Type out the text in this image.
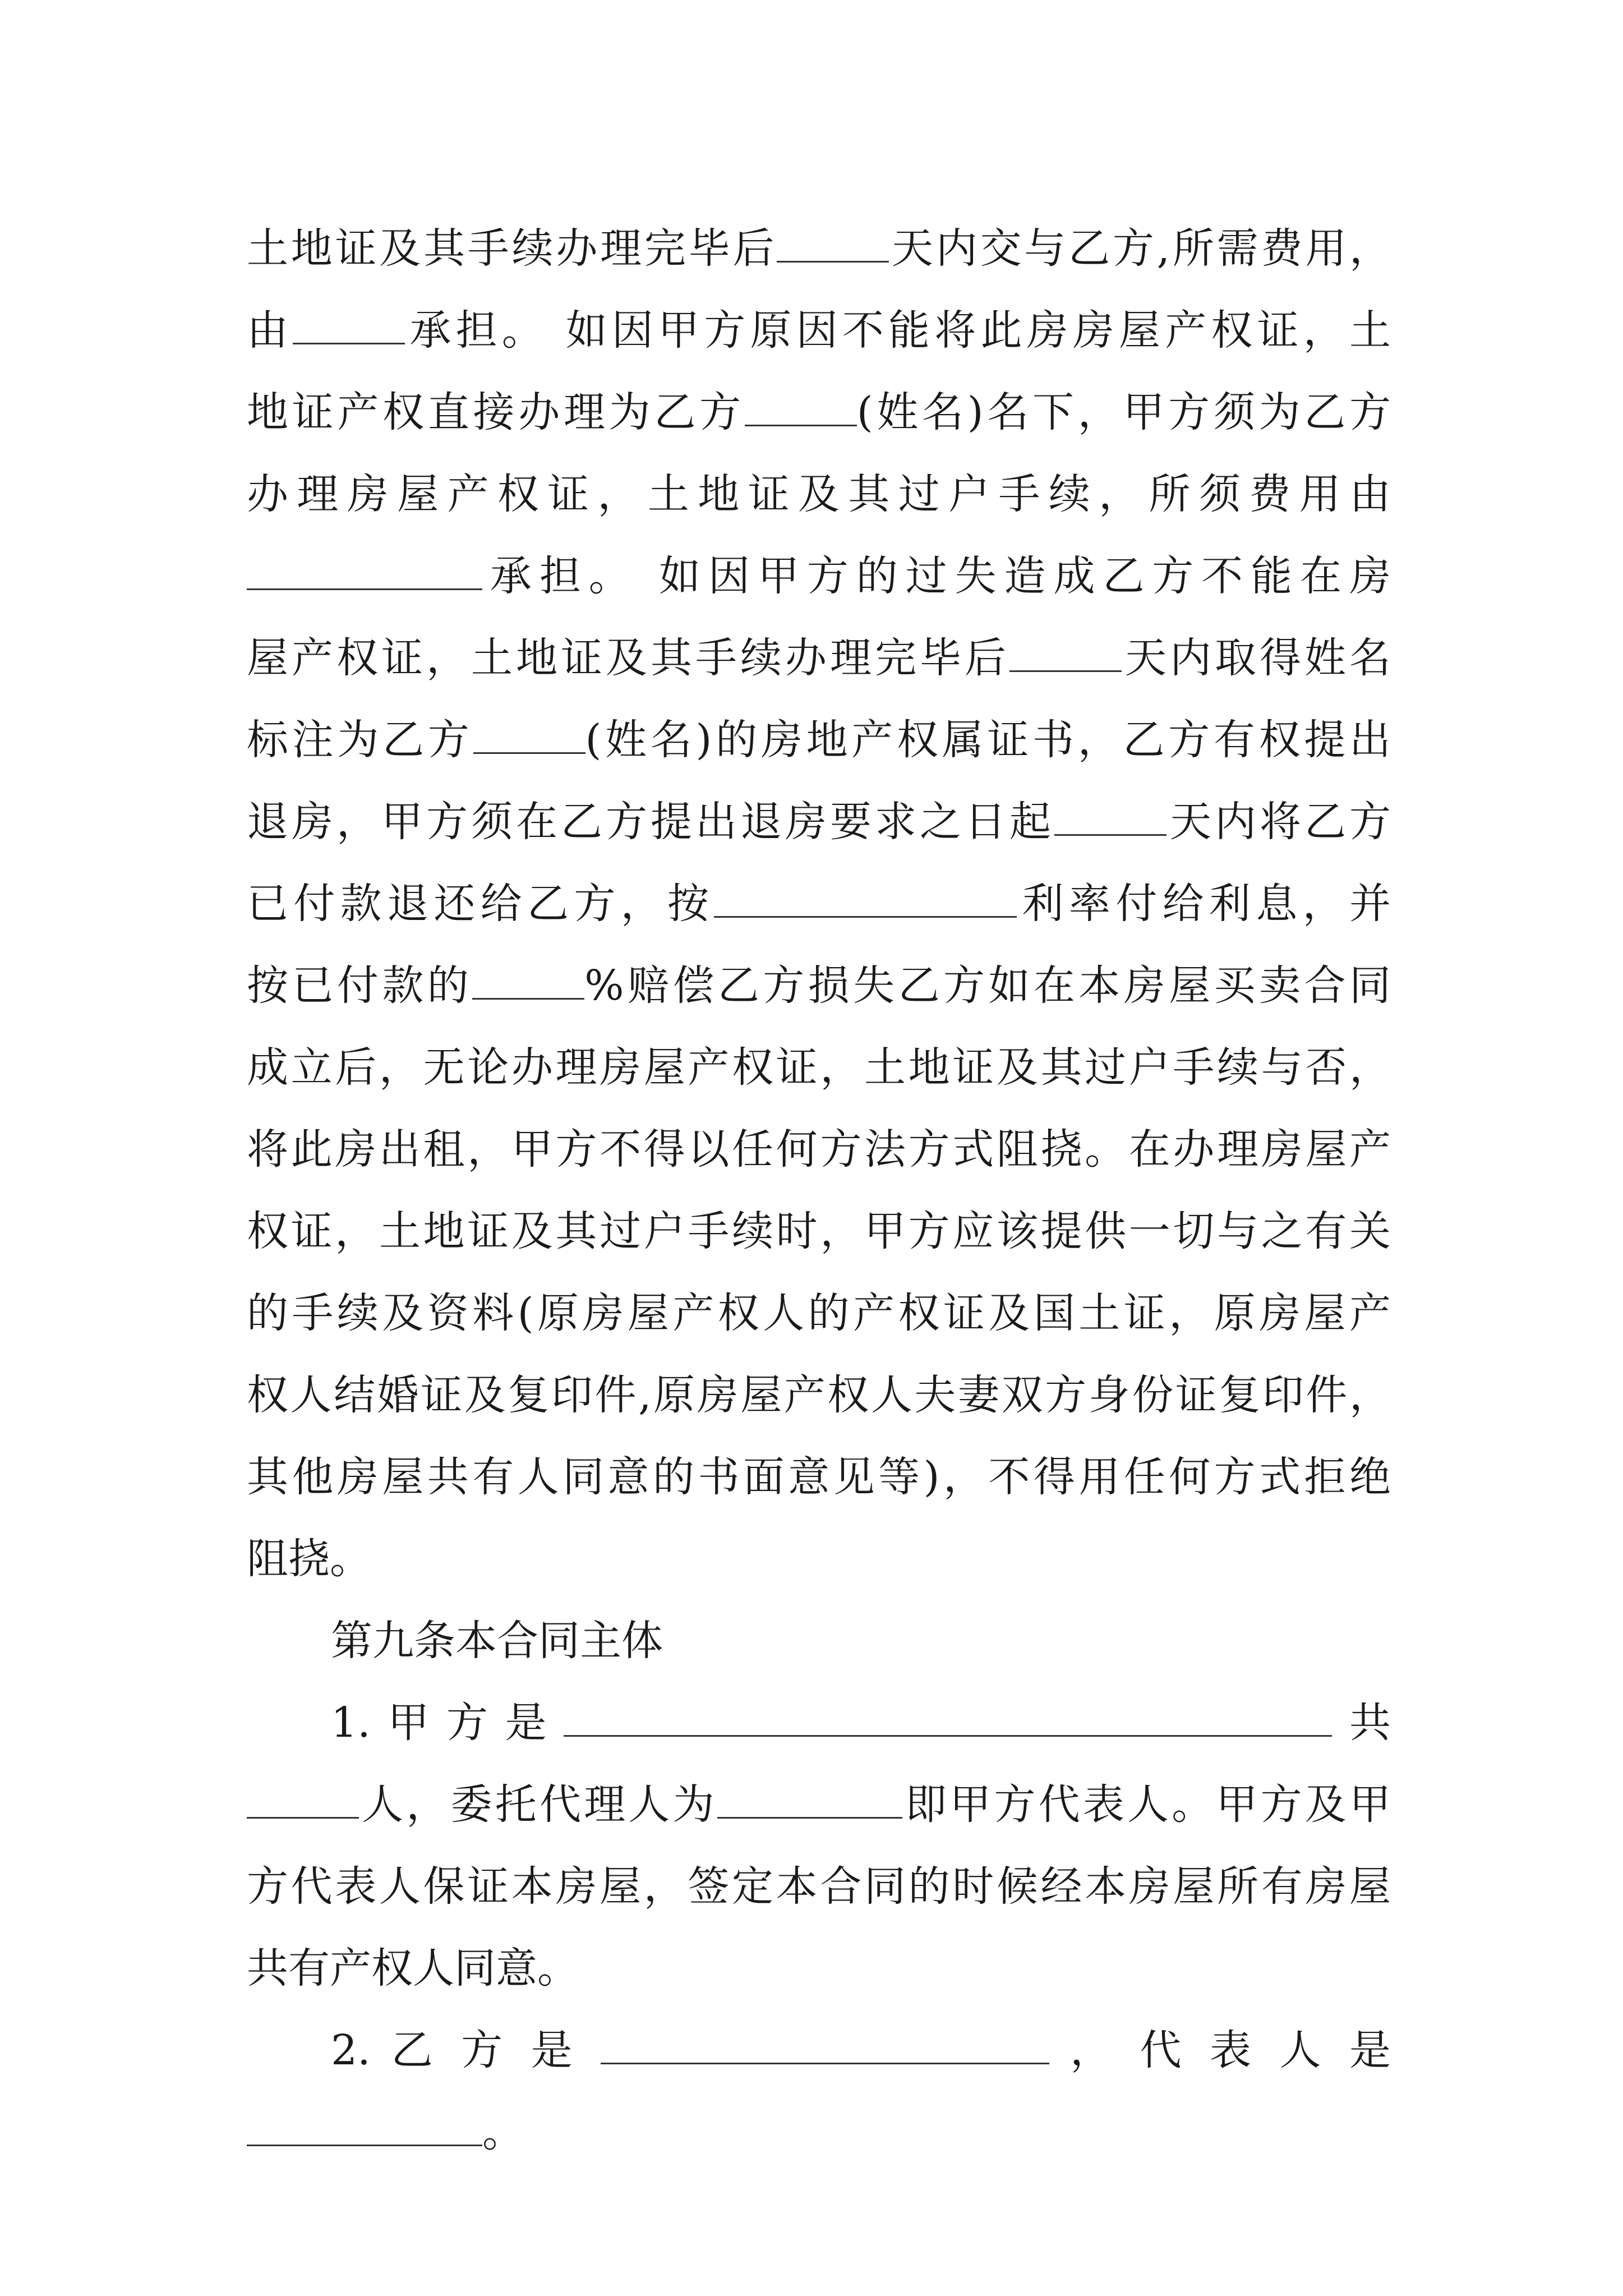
土地证及其手续办理完毕后	天内交与乙方,所需费用，
由	承担。 如因甲方原因不能将此房房屋产权证，土
地证产权直接办理为乙方	(姓名)名下，甲方须为乙方
办理房屋产权证，土地证及其过户手续，所须费用由
承担。 如因甲方的过失造成乙方不能在房
屋产权证，土地证及其手续办理完毕后	天内取得姓名
标注为乙方	(姓名)的房地产权属证书，乙方有权提出
退房，甲方须在乙方提出退房要求之日起	天内将乙方
已付款退还给乙方，按	利率付给利息，并
按已付款的	%赔偿乙方损失乙方如在本房屋买卖合同
成立后，无论办理房屋产权证，土地证及其过户手续与否，
将此房出租，甲方不得以任何方法方式阻挠。在办理房屋产
权证，土地证及其过户手续时，甲方应该提供一切与之有关
的手续及资料(原房屋产权人的产权证及国土证，原房屋产
权人结婚证及复印件,原房屋产权人夫妻双方身份证复印件，
其他房屋共有人同意的书面意见等)，不得用任何方式拒绝
阻挠。
第九条本合同主体
1.甲方是	共
人，委托代理人为	即甲方代表人。甲方及甲
方代表人保证本房屋，签定本合同的时候经本房屋所有房屋
共有产权人同意。
2. 乙 方 是	， 代 表 人 是
。
